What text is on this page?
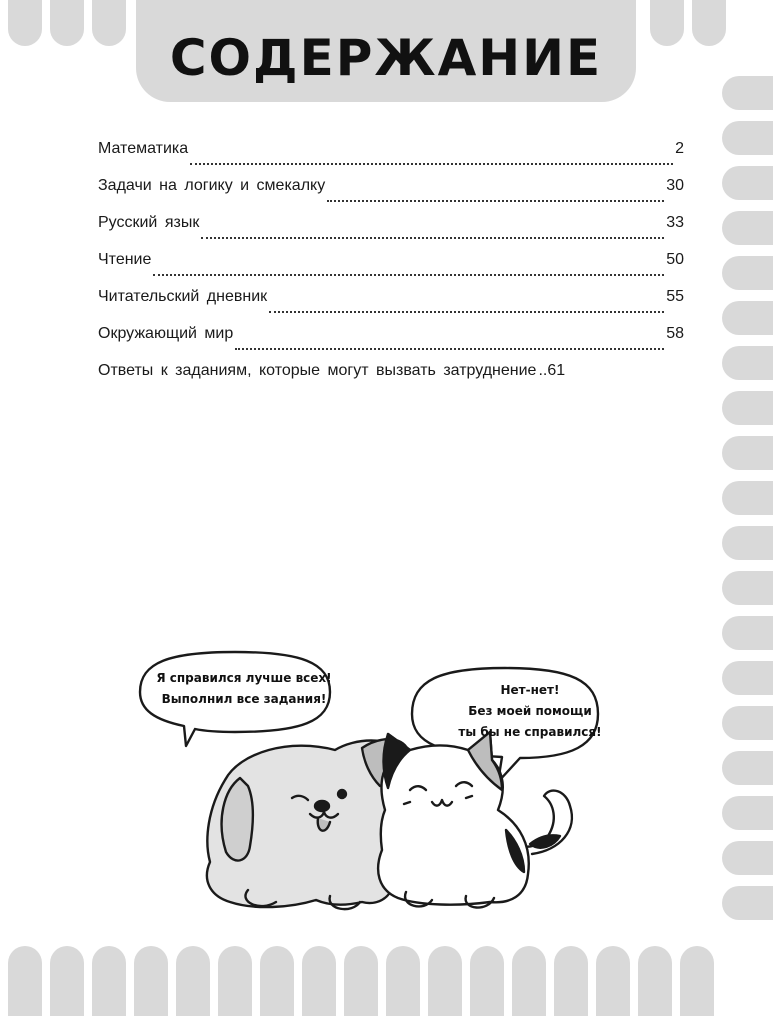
СОДЕРЖАНИЕ
Математика	2
Задачи на логику и смекалку	30
Русский язык	33
Чтение	50
Читательский дневник	55
Окружающий мир	58
Ответы к заданиям, которые могут вызвать затруднение ..61
Я справился лучше всех!
Выполнил все задания!
Нет-нет!
Без моей помощи
ты бы не справился!
